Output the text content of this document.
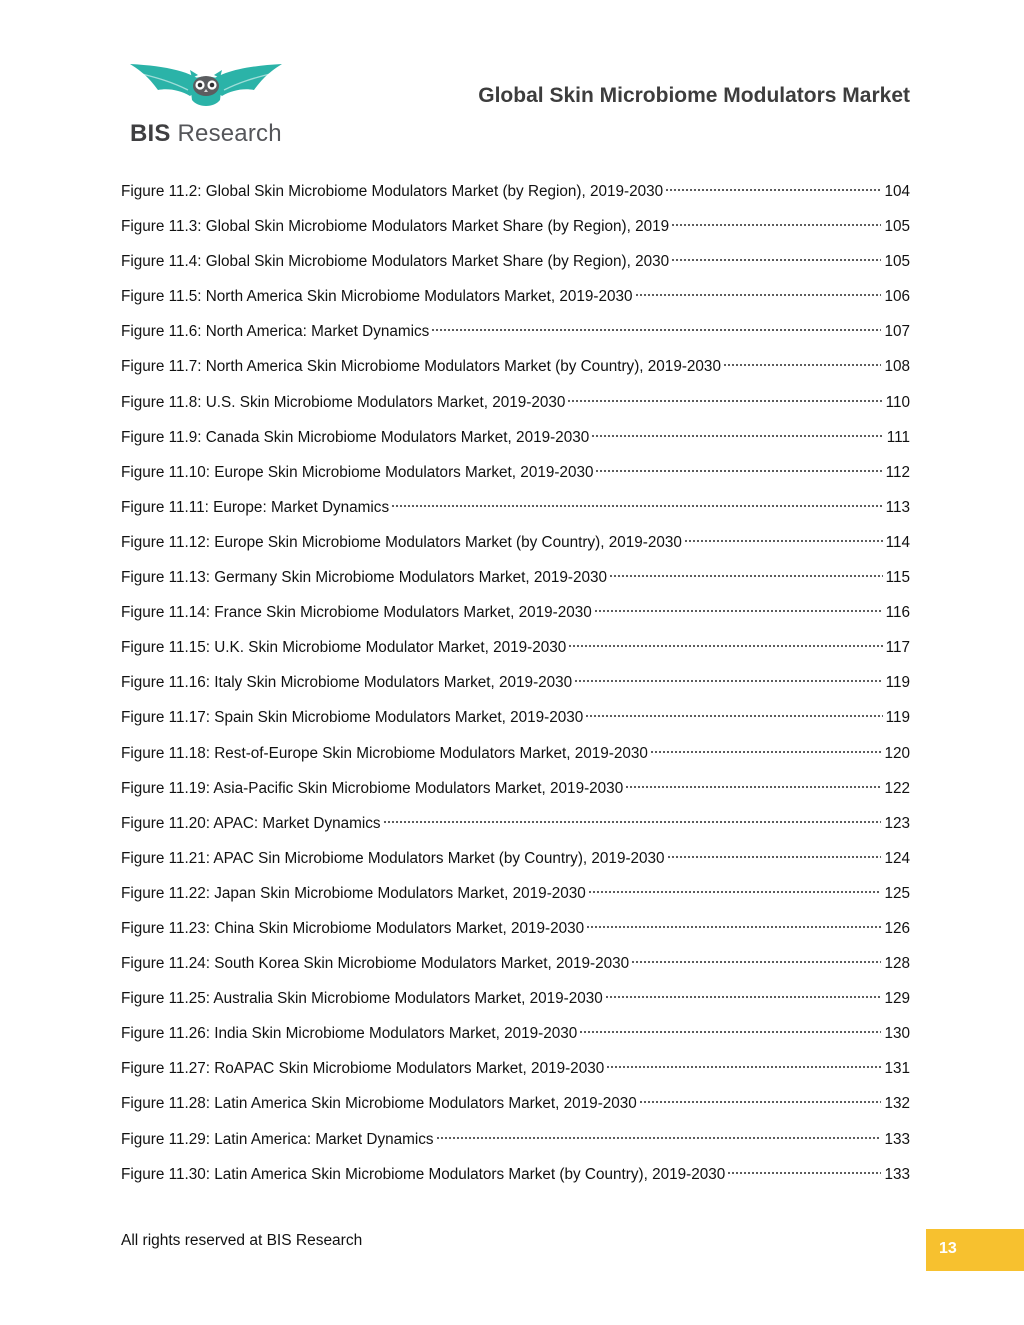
BIS Research
Global Skin Microbiome Modulators Market
Figure 11.2: Global Skin Microbiome Modulators Market (by Region), 2019-2030	104
Figure 11.3: Global Skin Microbiome Modulators Market Share (by Region), 2019	105
Figure 11.4: Global Skin Microbiome Modulators Market Share (by Region), 2030	105
Figure 11.5: North America Skin Microbiome Modulators Market, 2019-2030	106
Figure 11.6: North America: Market Dynamics	107
Figure 11.7: North America Skin Microbiome Modulators Market (by Country), 2019-2030	108
Figure 11.8: U.S. Skin Microbiome Modulators Market, 2019-2030	110
Figure 11.9: Canada Skin Microbiome Modulators Market, 2019-2030	111
Figure 11.10: Europe Skin Microbiome Modulators Market, 2019-2030	112
Figure 11.11: Europe: Market Dynamics	113
Figure 11.12: Europe Skin Microbiome Modulators Market (by Country), 2019-2030	114
Figure 11.13: Germany Skin Microbiome Modulators Market, 2019-2030	115
Figure 11.14: France Skin Microbiome Modulators Market, 2019-2030	116
Figure 11.15: U.K. Skin Microbiome Modulator Market, 2019-2030	117
Figure 11.16: Italy Skin Microbiome Modulators Market, 2019-2030	119
Figure 11.17: Spain Skin Microbiome Modulators Market, 2019-2030	119
Figure 11.18: Rest-of-Europe Skin Microbiome Modulators Market, 2019-2030	120
Figure 11.19: Asia-Pacific Skin Microbiome Modulators Market, 2019-2030	122
Figure 11.20: APAC: Market Dynamics	123
Figure 11.21: APAC Sin Microbiome Modulators Market (by Country), 2019-2030	124
Figure 11.22: Japan Skin Microbiome Modulators Market, 2019-2030	125
Figure 11.23: China Skin Microbiome Modulators Market, 2019-2030	126
Figure 11.24: South Korea Skin Microbiome Modulators Market, 2019-2030	128
Figure 11.25: Australia Skin Microbiome Modulators Market, 2019-2030	129
Figure 11.26: India Skin Microbiome Modulators Market, 2019-2030	130
Figure 11.27: RoAPAC Skin Microbiome Modulators Market, 2019-2030	131
Figure 11.28: Latin America Skin Microbiome Modulators Market, 2019-2030	132
Figure 11.29: Latin America: Market Dynamics	133
Figure 11.30: Latin America Skin Microbiome Modulators Market (by Country), 2019-2030	133
All rights reserved at BIS Research	13
